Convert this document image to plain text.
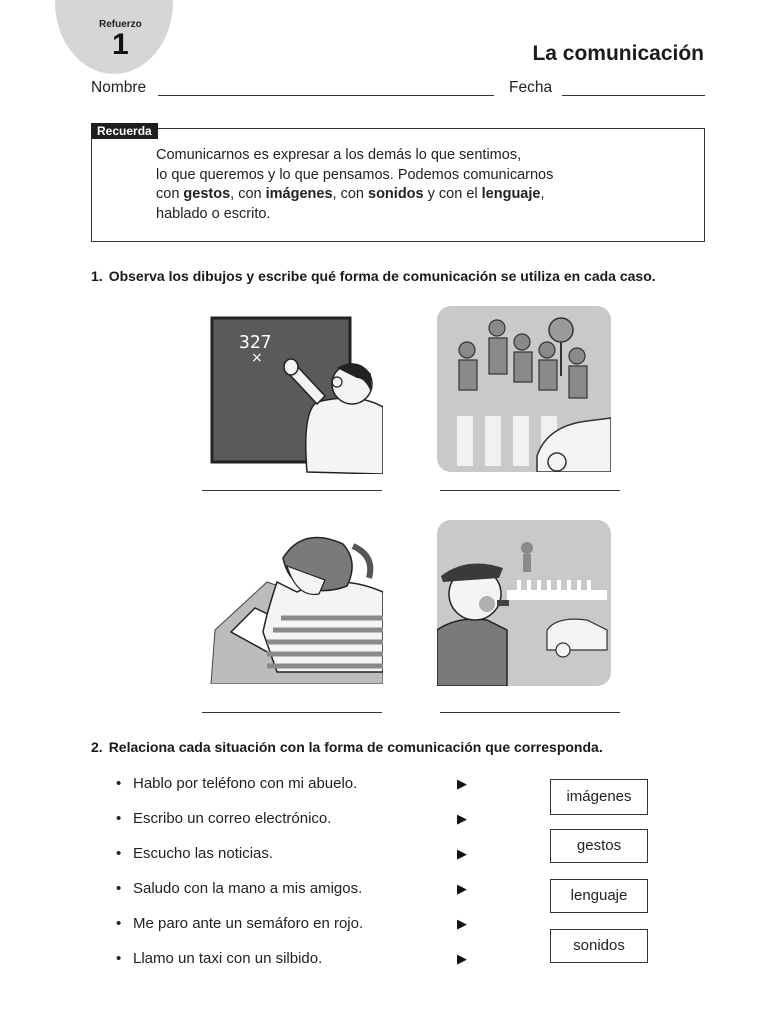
Refuerzo
1	La comunicación
Nombre	Fecha
Recuerda
Comunicarnos es expresar a los demás lo que sentimos,
lo que queremos y lo que pensamos. Podemos comunicarnos
con gestos, con imágenes, con sonidos y con el lenguaje,
hablado o escrito.
1. Observa los dibujos y escribe qué forma de comunicación se utiliza en cada caso.
327
×
2. Relaciona cada situación con la forma de comunicación que corresponda.
• Hablo por teléfono con mi abuelo.
• Escribo un correo electrónico.
• Escucho las noticias.
• Saludo con la mano a mis amigos.
• Me paro ante un semáforo en rojo.
• Llamo un taxi con un silbido.
▶
▶
▶
▶
▶
▶
imágenes
gestos
lenguaje
sonidos
